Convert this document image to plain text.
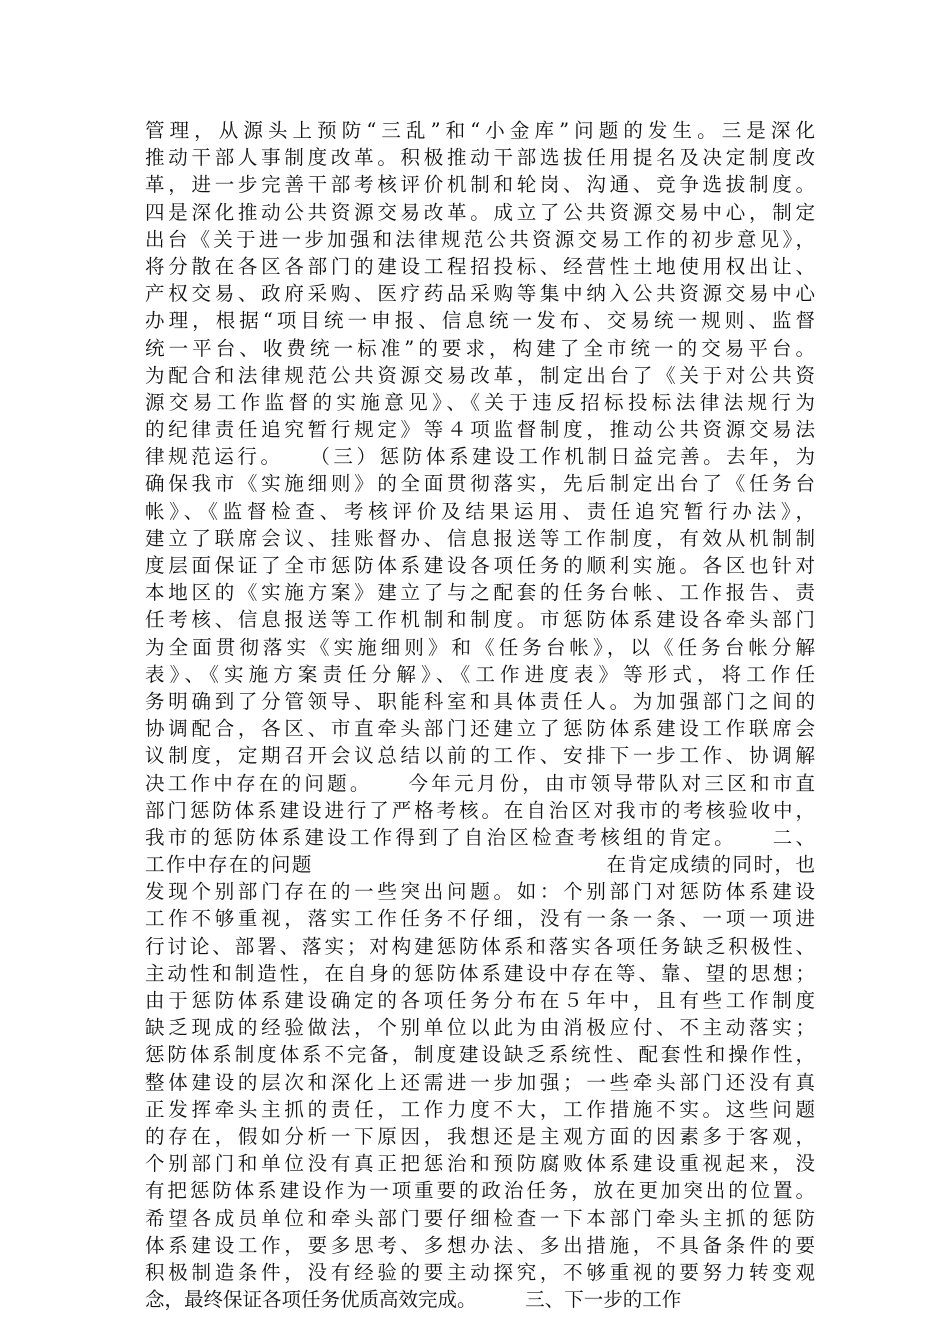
管理，从源头上预防“三乱”和“小金库”问题的发生。三是深化
推动干部人事制度改革。积极推动干部选拔任用提名及决定制度改
革，进一步完善干部考核评价机制和轮岗、沟通、竞争选拔制度。
四是深化推动公共资源交易改革。成立了公共资源交易中心，制定
出台《关于进一步加强和法律规范公共资源交易工作的初步意见》，
将分散在各区各部门的建设工程招投标、经营性土地使用权出让、
产权交易、政府采购、医疗药品采购等集中纳入公共资源交易中心
办理，根据“项目统一申报、信息统一发布、交易统一规则、监督
统一平台、收费统一标准”的要求，构建了全市统一的交易平台。
为配合和法律规范公共资源交易改革，制定出台了《关于对公共资
源交易工作监督的实施意见》、《关于违反招标投标法律法规行为
的纪律责任追究暂行规定》等４项监督制度，推动公共资源交易法
律规范运行。　　（三）惩防体系建设工作机制日益完善。去年，为
确保我市《实施细则》的全面贯彻落实，先后制定出台了《任务台
帐》、《监督检查、考核评价及结果运用、责任追究暂行办法》，
建立了联席会议、挂账督办、信息报送等工作制度，有效从机制制
度层面保证了全市惩防体系建设各项任务的顺利实施。各区也针对
本地区的《实施方案》建立了与之配套的任务台帐、工作报告、责
任考核、信息报送等工作机制和制度。市惩防体系建设各牵头部门
为全面贯彻落实《实施细则》和《任务台帐》，以《任务台帐分解
表》、《实施方案责任分解》、《工作进度表》等形式，将工作任
务明确到了分管领导、职能科室和具体责任人。为加强部门之间的
协调配合，各区、市直牵头部门还建立了惩防体系建设工作联席会
议制度，定期召开会议总结以前的工作、安排下一步工作、协调解
决工作中存在的问题。　　今年元月份，由市领导带队对三区和市直
部门惩防体系建设进行了严格考核。在自治区对我市的考核验收中，
我市的惩防体系建设工作得到了自治区检查考核组的肯定。　　二、
工作中存在的问题　　　　　　　　　　　　　　在肯定成绩的同时，也
发现个别部门存在的一些突出问题。如：个别部门对惩防体系建设
工作不够重视，落实工作任务不仔细，没有一条一条、一项一项进
行讨论、部署、落实；对构建惩防体系和落实各项任务缺乏积极性、
主动性和制造性，在自身的惩防体系建设中存在等、靠、望的思想；
由于惩防体系建设确定的各项任务分布在５年中，且有些工作制度
缺乏现成的经验做法，个别单位以此为由消极应付、不主动落实；
惩防体系制度体系不完备，制度建设缺乏系统性、配套性和操作性，
整体建设的层次和深化上还需进一步加强；一些牵头部门还没有真
正发挥牵头主抓的责任，工作力度不大，工作措施不实。这些问题
的存在，假如分析一下原因，我想还是主观方面的因素多于客观，
个别部门和单位没有真正把惩治和预防腐败体系建设重视起来，没
有把惩防体系建设作为一项重要的政治任务，放在更加突出的位置。
希望各成员单位和牵头部门要仔细检查一下本部门牵头主抓的惩防
体系建设工作，要多思考、多想办法、多出措施，不具备条件的要
积极制造条件，没有经验的要主动探究，不够重视的要努力转变观
念，最终保证各项任务优质高效完成。　　　三、下一步的工作
